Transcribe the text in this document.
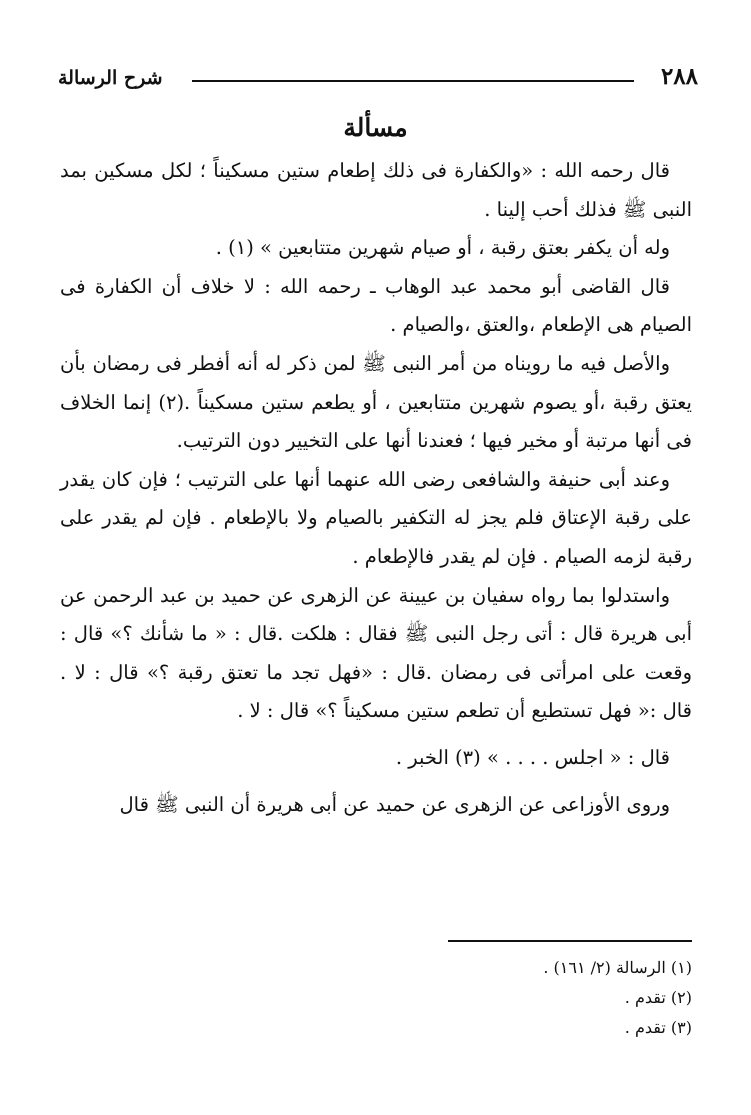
٢٨٨
شرح الرسالة
مسألة

قال رحمه الله : «والكفارة فى ذلك إطعام ستين مسكيناً ؛ لكل مسكين بمد النبى ﷺ فذلك أحب إلينا .

وله أن يكفر بعتق رقبة ، أو صيام شهرين متتابعين » (١) .

قال القاضى أبو محمد عبد الوهاب ـ رحمه الله : لا خلاف أن الكفارة فى الصيام هى الإطعام ،والعتق ،والصيام .

والأصل فيه ما رويناه من أمر النبى ﷺ لمن ذكر له أنه أفطر فى رمضان بأن يعتق رقبة ،أو يصوم شهرين متتابعين ، أو يطعم ستين مسكيناً .(٢) إنما الخلاف فى أنها مرتبة أو مخير فيها ؛ فعندنا أنها على التخيير دون الترتيب.

وعند أبى حنيفة والشافعى رضى الله عنهما أنها على الترتيب ؛ فإن كان يقدر على رقبة الإعتاق فلم يجز له التكفير بالصيام ولا بالإطعام . فإن لم يقدر على رقبة لزمه الصيام . فإن لم يقدر فالإطعام .

واستدلوا بما رواه سفيان بن عيينة عن الزهرى عن حميد بن عبد الرحمن عن أبى هريرة قال : أتى رجل النبى ﷺ فقال : هلكت .قال : « ما شأنك ؟» قال : وقعت على امرأتى فى رمضان .قال : «فهل تجد ما تعتق رقبة ؟» قال : لا . قال :« فهل تستطيع أن تطعم ستين مسكيناً ؟» قال : لا .

قال : « اجلس . . . . » (٣) الخبر .

وروى الأوزاعى عن الزهرى عن حميد عن أبى هريرة أن النبى ﷺ قال

(١) الرسالة (٢/ ١٦١) .
(٢) تقدم .
(٣) تقدم .
